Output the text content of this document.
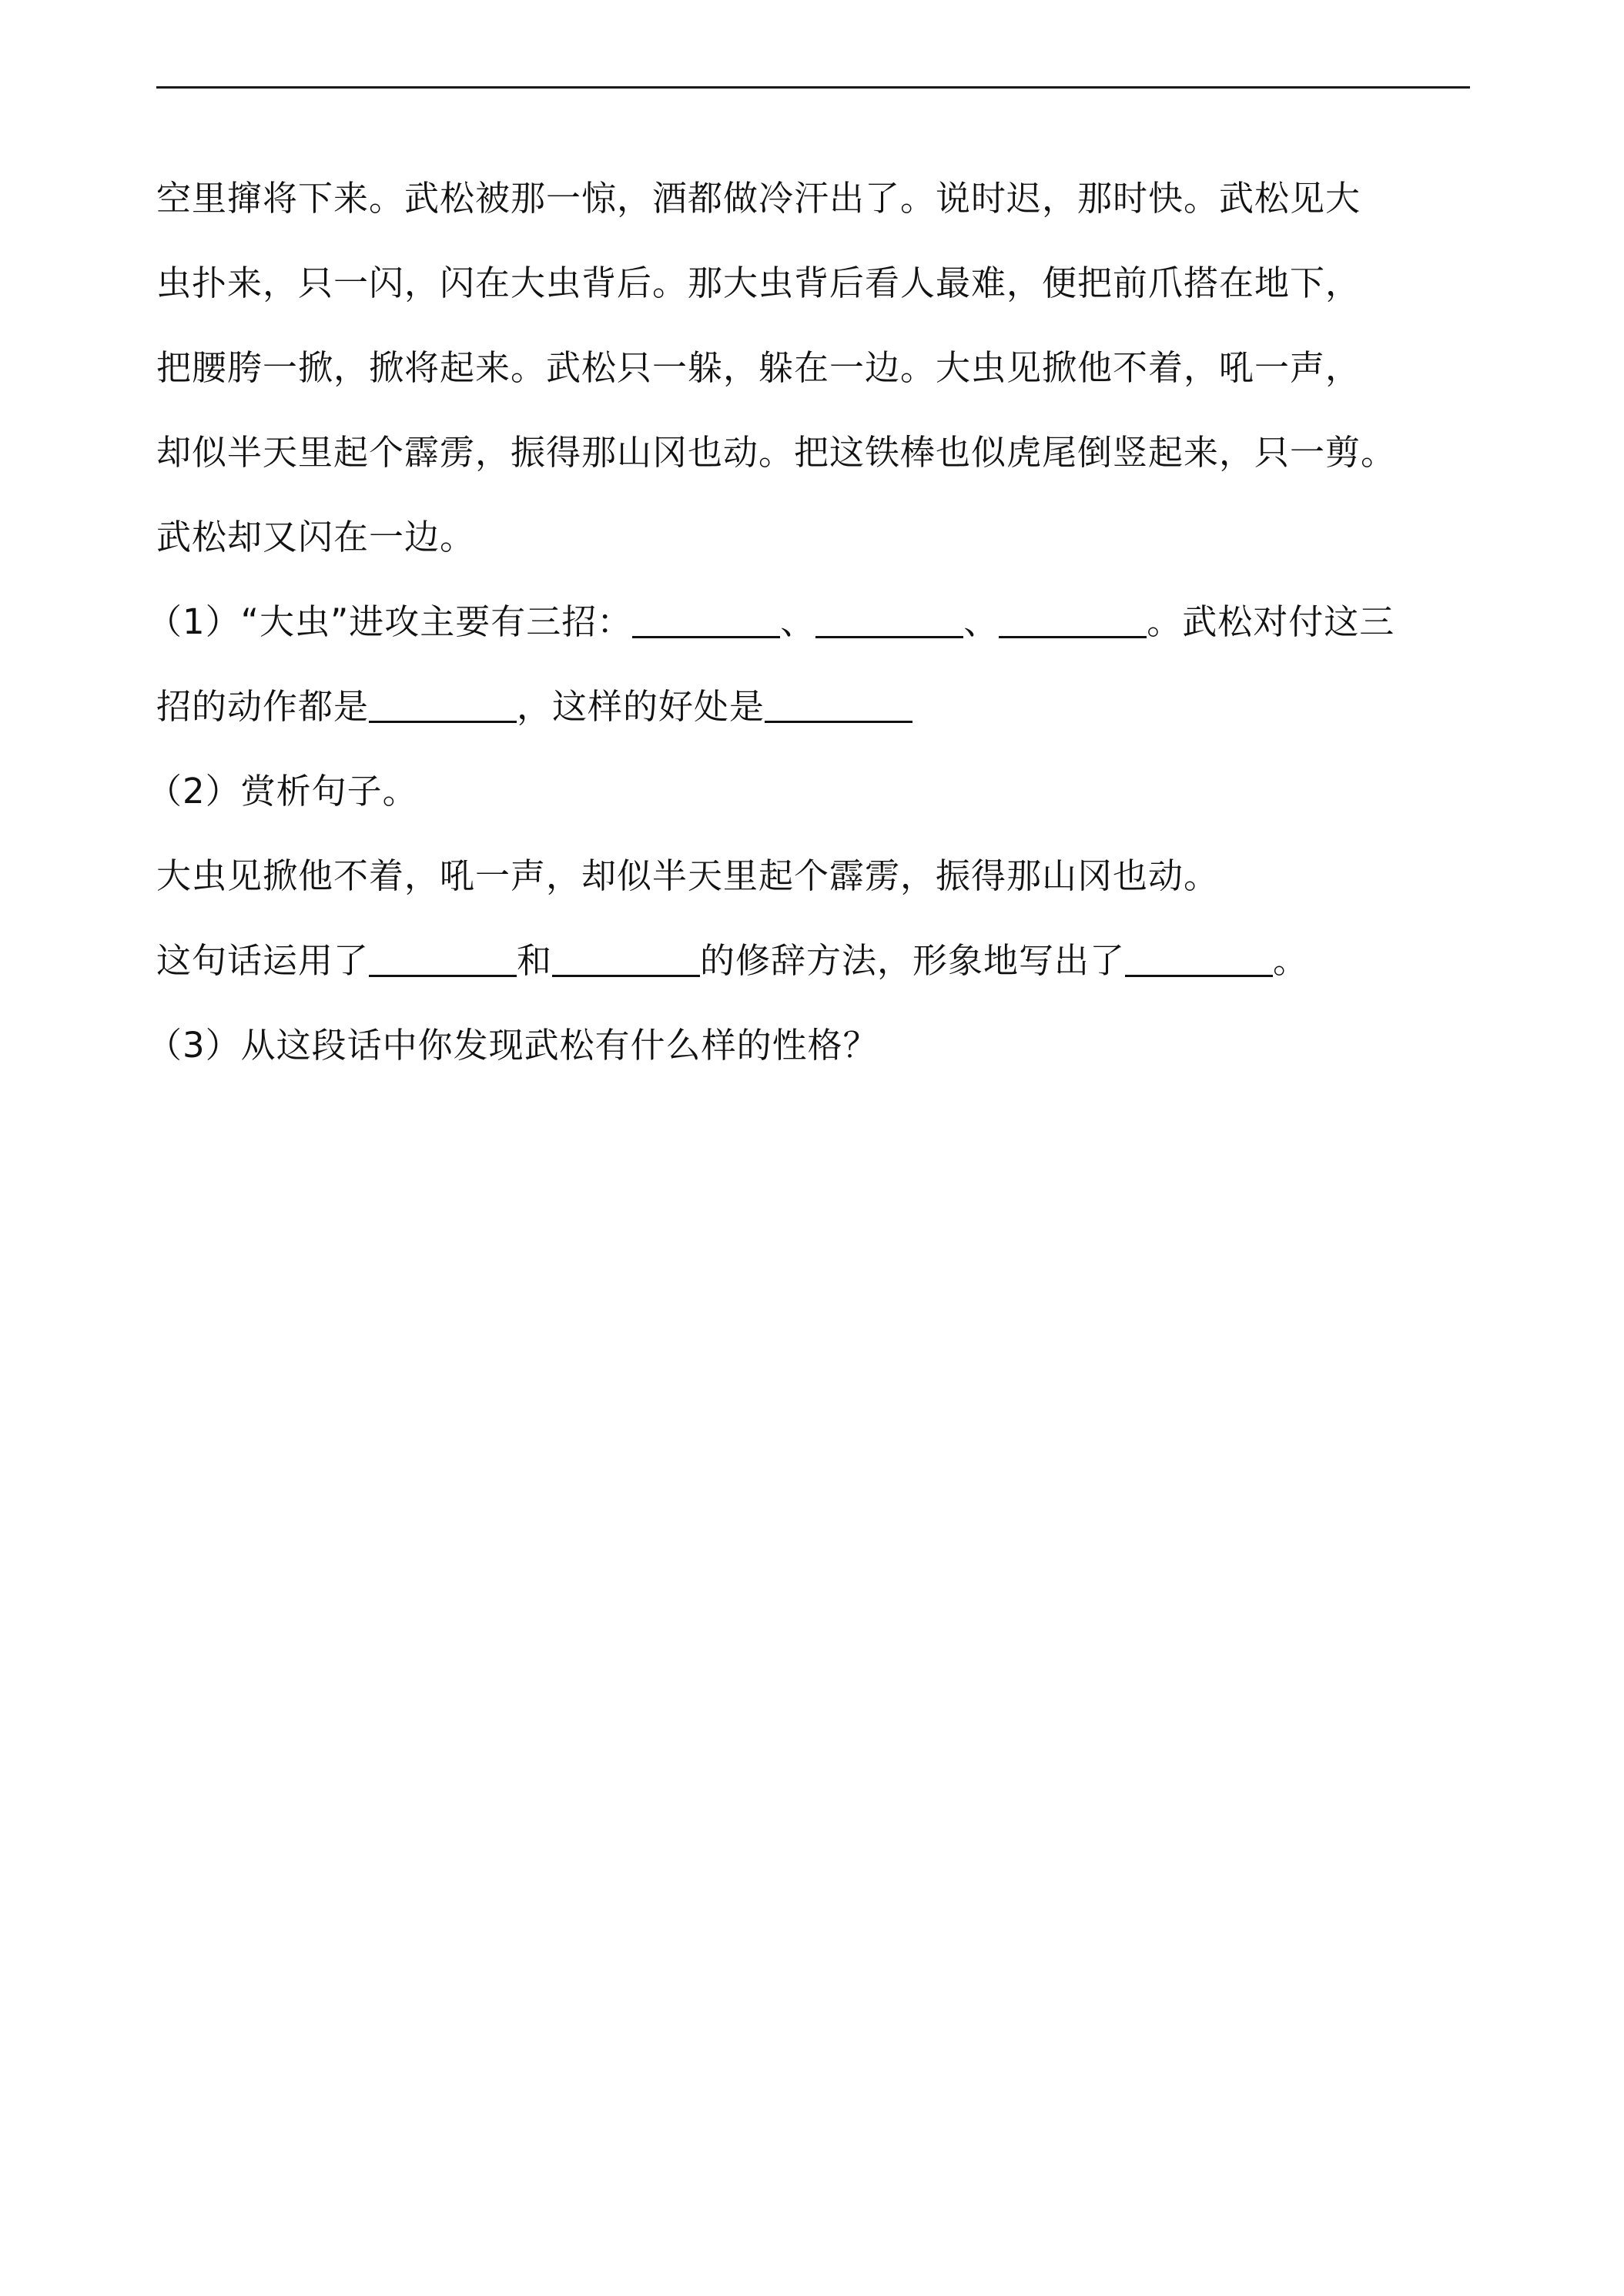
空里撺将下来。武松被那一惊，酒都做冷汗出了。说时迟，那时快。武松见大
虫扑来，只一闪，闪在大虫背后。那大虫背后看人最难，便把前爪搭在地下，
把腰胯一掀，掀将起来。武松只一躲，躲在一边。大虫见掀他不着，吼一声，
却似半天里起个霹雳，振得那山冈也动。把这铁棒也似虎尾倒竖起来，只一剪。
武松却又闪在一边。
（1）“大虫”进攻主要有三招：	、	、	。武松对付这三
招的动作都是	，这样的好处是
（2）赏析句子。
大虫见掀他不着，吼一声，却似半天里起个霹雳，振得那山冈也动。
这句话运用了	和	的修辞方法，形象地写出了	。
（3）从这段话中你发现武松有什么样的性格？
